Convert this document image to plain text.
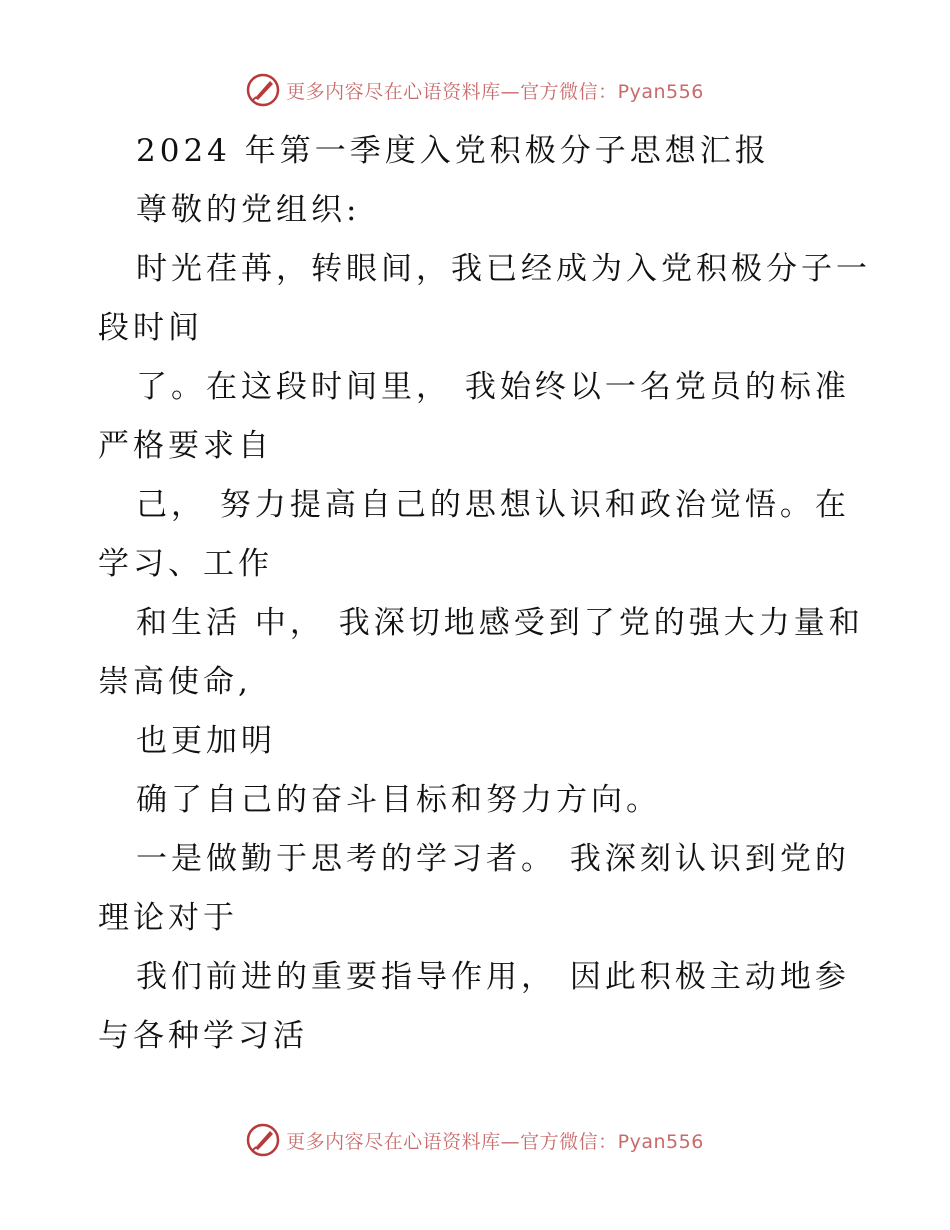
更多内容尽在心语资料库—官方微信：Pyan556
2024 年第一季度入党积极分子思想汇报
尊敬的党组织:
时光荏苒，转眼间，我已经成为入党积极分子一
段时间
了。在这段时间里， 我始终以一名党员的标准
严格要求自
己， 努力提高自己的思想认识和政治觉悟。在
学习、工作
和生活 中， 我深切地感受到了党的强大力量和
崇高使命,
也更加明
确了自己的奋斗目标和努力方向。
一是做勤于思考的学习者。 我深刻认识到党的
理论对于
我们前进的重要指导作用， 因此积极主动地参
与各种学习活
更多内容尽在心语资料库—官方微信：Pyan556
